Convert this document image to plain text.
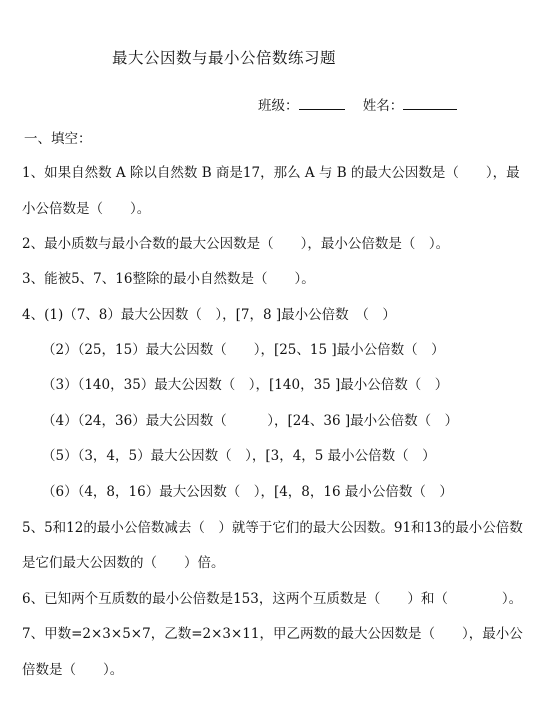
最大公因数与最小公倍数练习题
班级：	姓名：
一、填空：
1、如果自然数 A 除以自然数 B 商是17，那么 A 与 B 的最大公因数是（　　），最
小公倍数是（　　）。
2、最小质数与最小合数的最大公因数是（　　），最小公倍数是（　）。
3、能被5、7、16整除的最小自然数是（　　）。
4、(1)（7、8）最大公因数（　），[7，8 ]最小公倍数　（　）
（2）（25，15）最大公因数（　　），[25、15 ]最小公倍数（　）
（3）（140，35）最大公因数（　），[140，35 ]最小公倍数（　）
（4）（24，36）最大公因数（　　　），[24、36 ]最小公倍数（　）
（5）（3，4，5）最大公因数（　），[3，4，5 最小公倍数（　）
（6）（4，8，16）最大公因数（　），[4，8，16 最小公倍数（　）
5、5和12的最小公倍数减去（　）就等于它们的最大公因数。91和13的最小公倍数
是它们最大公因数的（　　）倍。
6、已知两个互质数的最小公倍数是153，这两个互质数是（　　）和（　　　　）。
7、甲数=2×3×5×7，乙数=2×3×11，甲乙两数的最大公因数是（　　），最小公
倍数是（　　）。
